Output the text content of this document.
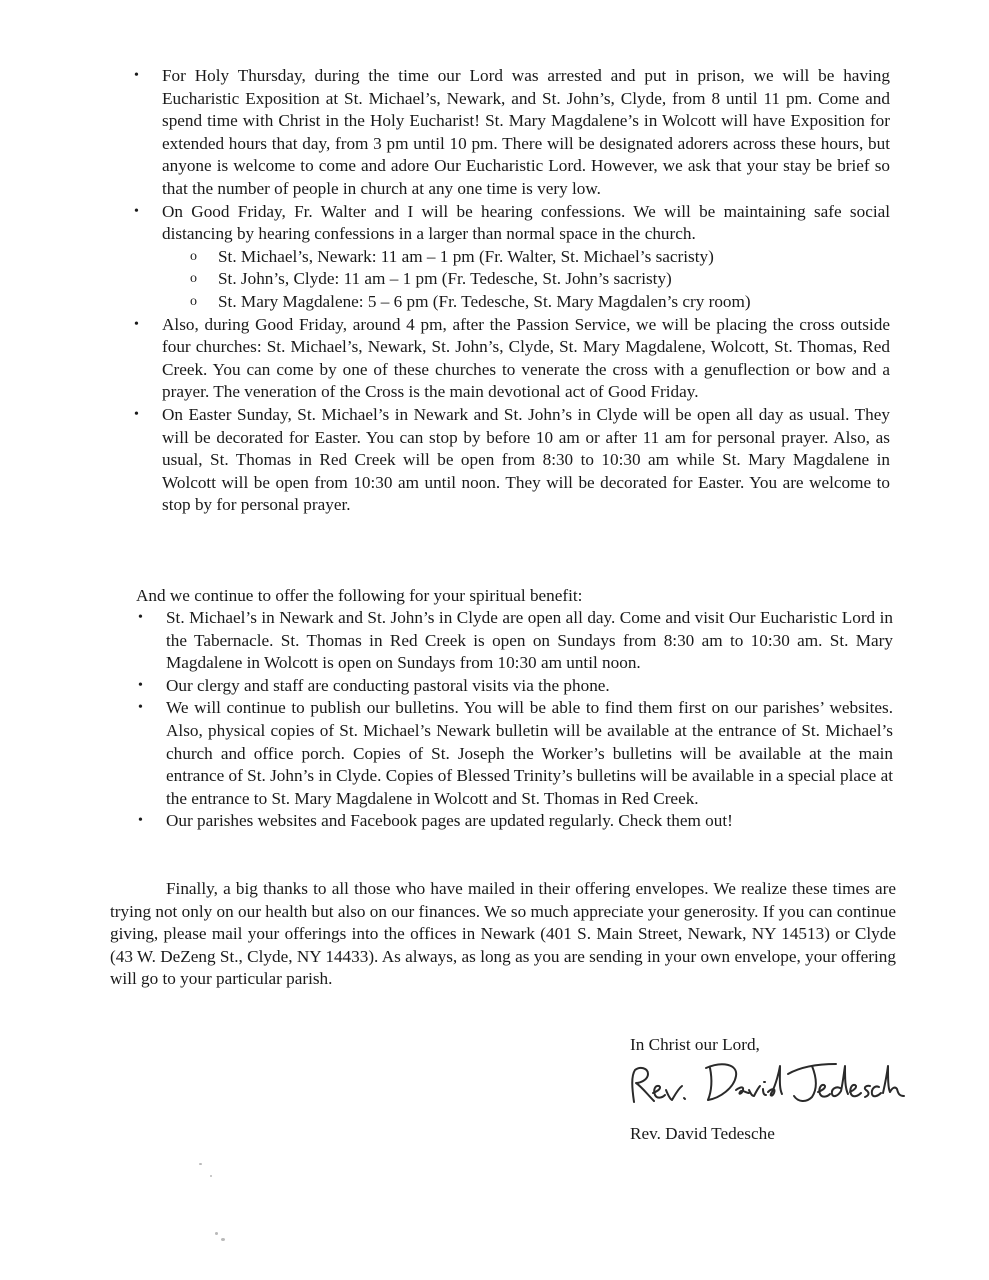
•	For Holy Thursday, during the time our Lord was arrested and put in prison, we will be having Eucharistic Exposition at St. Michael’s, Newark, and St. John’s, Clyde, from 8 until 11 pm. Come and spend time with Christ in the Holy Eucharist! St. Mary Magdalene’s in Wolcott will have Exposition for extended hours that day, from 3 pm until 10 pm. There will be designated adorers across these hours, but anyone is welcome to come and adore Our Eucharistic Lord. However, we ask that your stay be brief so that the number of people in church at any one time is very low.
•	On Good Friday, Fr. Walter and I will be hearing confessions. We will be maintaining safe social distancing by hearing confessions in a larger than normal space in the church.
o St. Michael’s, Newark: 11 am – 1 pm (Fr. Walter, St. Michael’s sacristy)
o St. John’s, Clyde: 11 am – 1 pm (Fr. Tedesche, St. John’s sacristy)
o St. Mary Magdalene: 5 – 6 pm (Fr. Tedesche, St. Mary Magdalen’s cry room)
•	Also, during Good Friday, around 4 pm, after the Passion Service, we will be placing the cross outside four churches: St. Michael’s, Newark, St. John’s, Clyde, St. Mary Magdalene, Wolcott, St. Thomas, Red Creek. You can come by one of these churches to venerate the cross with a genuflection or bow and a prayer. The veneration of the Cross is the main devotional act of Good Friday.
•	On Easter Sunday, St. Michael’s in Newark and St. John’s in Clyde will be open all day as usual. They will be decorated for Easter. You can stop by before 10 am or after 11 am for personal prayer. Also, as usual, St. Thomas in Red Creek will be open from 8:30 to 10:30 am while St. Mary Magdalene in Wolcott will be open from 10:30 am until noon. They will be decorated for Easter. You are welcome to stop by for personal prayer.
And we continue to offer the following for your spiritual benefit:
•	St. Michael’s in Newark and St. John’s in Clyde are open all day. Come and visit Our Eucharistic Lord in the Tabernacle. St. Thomas in Red Creek is open on Sundays from 8:30 am to 10:30 am. St. Mary Magdalene in Wolcott is open on Sundays from 10:30 am until noon.
•	Our clergy and staff are conducting pastoral visits via the phone.
•	We will continue to publish our bulletins. You will be able to find them first on our parishes’ websites. Also, physical copies of St. Michael’s Newark bulletin will be available at the entrance of St. Michael’s church and office porch. Copies of St. Joseph the Worker’s bulletins will be available at the main entrance of St. John’s in Clyde. Copies of Blessed Trinity’s bulletins will be available in a special place at the entrance to St. Mary Magdalene in Wolcott and St. Thomas in Red Creek.
•	Our parishes websites and Facebook pages are updated regularly. Check them out!
Finally, a big thanks to all those who have mailed in their offering envelopes. We realize these times are trying not only on our health but also on our finances. We so much appreciate your generosity. If you can continue giving, please mail your offerings into the offices in Newark (401 S. Main Street, Newark, NY 14513) or Clyde (43 W. DeZeng St., Clyde, NY 14433). As always, as long as you are sending in your own envelope, your offering will go to your particular parish.
In Christ our Lord,
Rev. David Tedesche
